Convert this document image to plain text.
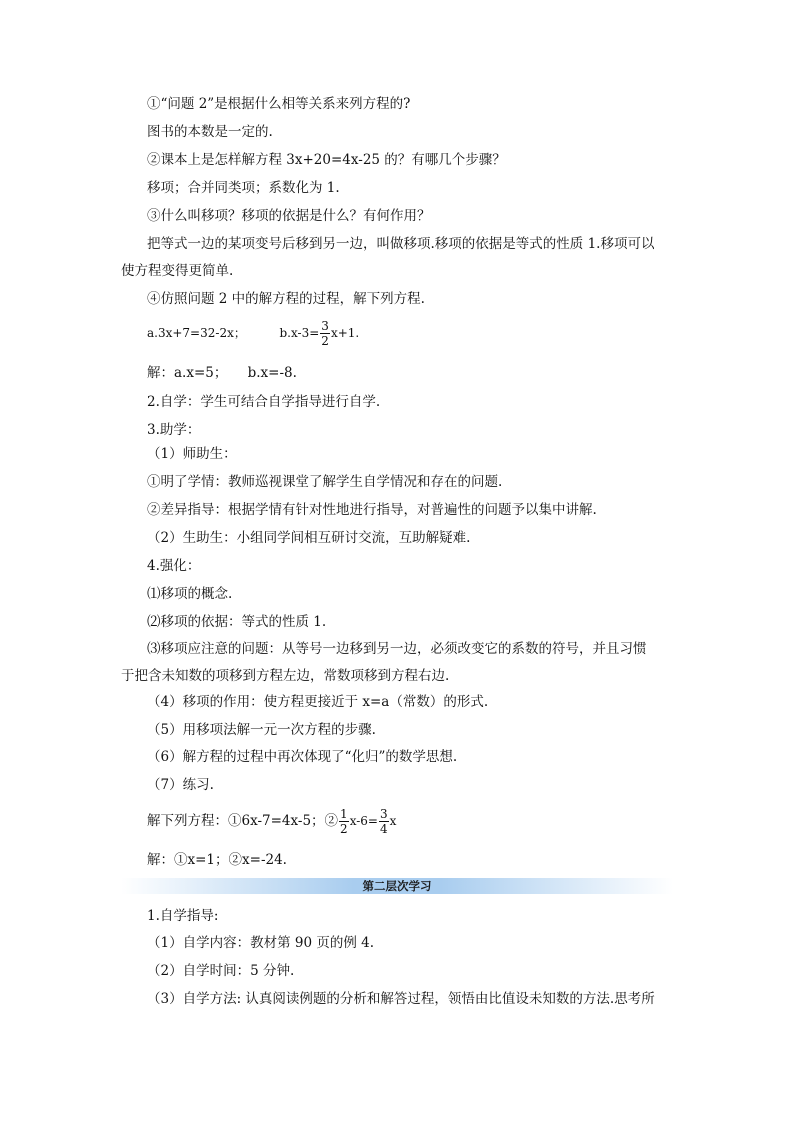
①“问题 2”是根据什么相等关系来列方程的?
图书的本数是一定的.
②课本上是怎样解方程 3x+20=4x-25 的？有哪几个步骤？
移项；合并同类项；系数化为 1.
③什么叫移项？移项的依据是什么？有何作用？
把等式一边的某项变号后移到另一边，叫做移项.移项的依据是等式的性质 1.移项可以
使方程变得更简单.
④仿照问题 2 中的解方程的过程，解下列方程.
a.3x+7=32-2x；	$b.x-3= \frac{3}{2} x+1$.
解：a.x=5；　　b.x=-8.
2.自学：学生可结合自学指导进行自学.
3.助学：
（1）师助生：
①明了学情：教师巡视课堂了解学生自学情况和存在的问题.
②差异指导：根据学情有针对性地进行指导，对普遍性的问题予以集中讲解.
（2）生助生：小组同学间相互研讨交流，互助解疑难.
4.强化：
⑴移项的概念.
⑵移项的依据：等式的性质 1.
⑶移项应注意的问题：从等号一边移到另一边，必须改变它的系数的符号，并且习惯
于把含未知数的项移到方程左边，常数项移到方程右边.
（4）移项的作用：使方程更接近于 x=a（常数）的形式.
（5）用移项法解一元一次方程的步骤.
（6）解方程的过程中再次体现了“化归”的数学思想.
（7）练习.
解下列方程：①6x-7=4x-5；② $\frac{1}{2} x-6= \frac{3}{4}$ x
解：①x=1；②x=-24.
第二层次学习
1.自学指导:
（1）自学内容：教材第 90 页的例 4.
（2）自学时间：5 分钟.
（3）自学方法: 认真阅读例题的分析和解答过程，领悟由比值设未知数的方法.思考所
